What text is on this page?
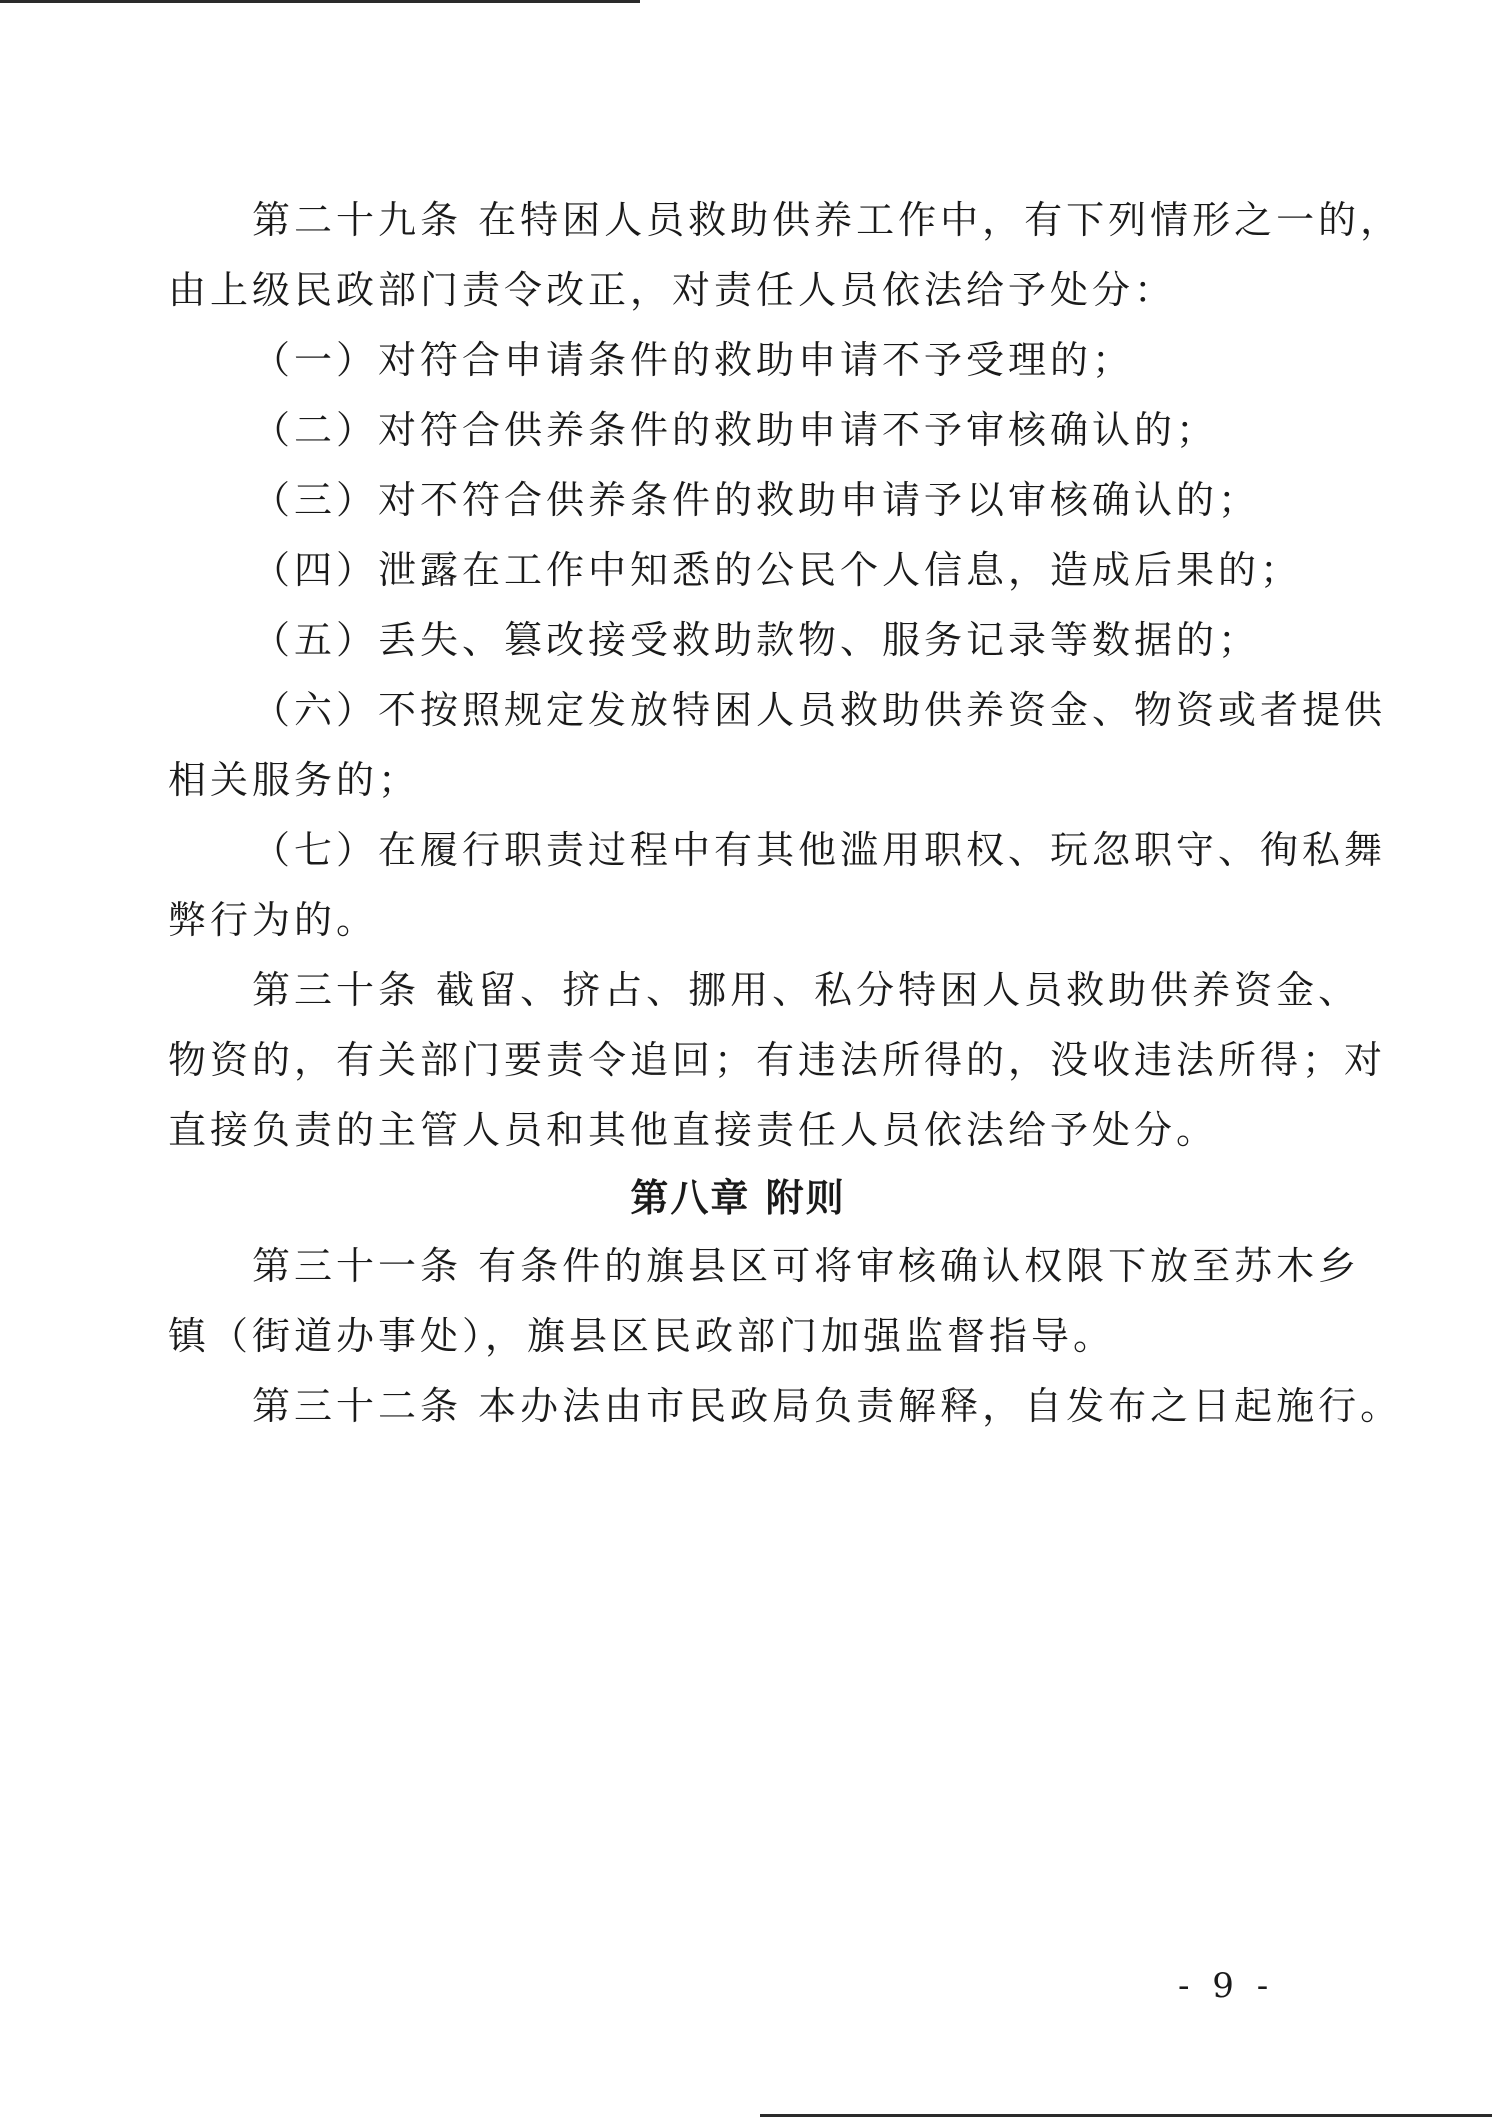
第二十九条 在特困人员救助供养工作中，有下列情形之一的，
由上级民政部门责令改正，对责任人员依法给予处分：
（一）对符合申请条件的救助申请不予受理的；
（二）对符合供养条件的救助申请不予审核确认的；
（三）对不符合供养条件的救助申请予以审核确认的；
（四）泄露在工作中知悉的公民个人信息，造成后果的；
（五）丢失、篡改接受救助款物、服务记录等数据的；
（六）不按照规定发放特困人员救助供养资金、物资或者提供
相关服务的；
（七）在履行职责过程中有其他滥用职权、玩忽职守、徇私舞
弊行为的。
第三十条 截留、挤占、挪用、私分特困人员救助供养资金、
物资的，有关部门要责令追回；有违法所得的，没收违法所得；对
直接负责的主管人员和其他直接责任人员依法给予处分。
第八章 附则
第三十一条 有条件的旗县区可将审核确认权限下放至苏木乡
镇（街道办事处），旗县区民政部门加强监督指导。
第三十二条 本办法由市民政局负责解释，自发布之日起施行。
- 9 -
